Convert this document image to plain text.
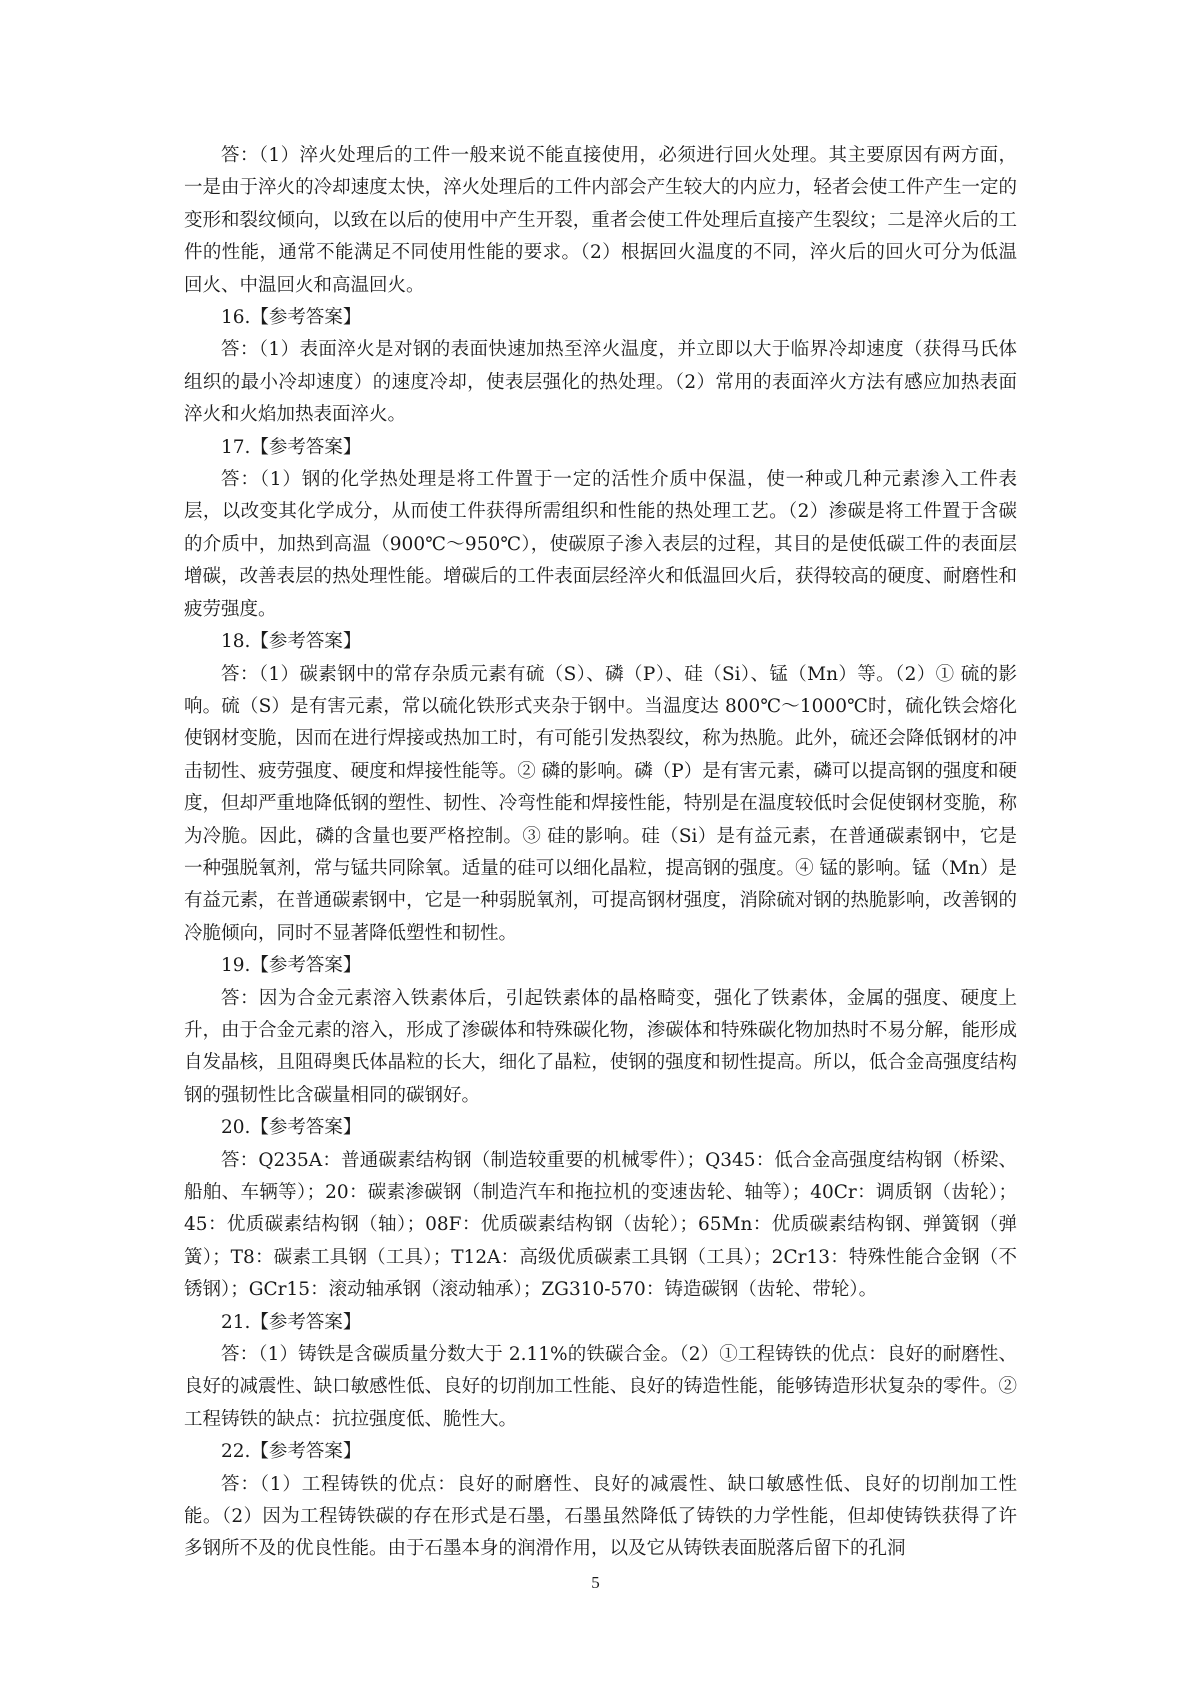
答：（1）淬火处理后的工件一般来说不能直接使用，必须进行回火处理。其主要原因有两方面，一是由于淬火的冷却速度太快，淬火处理后的工件内部会产生较大的内应力，轻者会使工件产生一定的变形和裂纹倾向，以致在以后的使用中产生开裂，重者会使工件处理后直接产生裂纹；二是淬火后的工件的性能，通常不能满足不同使用性能的要求。（2）根据回火温度的不同，淬火后的回火可分为低温回火、中温回火和高温回火。

16.【参考答案】

答：（1）表面淬火是对钢的表面快速加热至淬火温度，并立即以大于临界冷却速度（获得马氏体组织的最小冷却速度）的速度冷却，使表层强化的热处理。（2）常用的表面淬火方法有感应加热表面淬火和火焰加热表面淬火。

17.【参考答案】

答：（1）钢的化学热处理是将工件置于一定的活性介质中保温，使一种或几种元素渗入工件表层，以改变其化学成分，从而使工件获得所需组织和性能的热处理工艺。（2）渗碳是将工件置于含碳的介质中，加热到高温（900℃～950℃），使碳原子渗入表层的过程，其目的是使低碳工件的表面层增碳，改善表层的热处理性能。增碳后的工件表面层经淬火和低温回火后，获得较高的硬度、耐磨性和疲劳强度。

18.【参考答案】

答：（1）碳素钢中的常存杂质元素有硫（S）、磷（P）、硅（Si）、锰（Mn）等。（2）① 硫的影响。硫（S）是有害元素，常以硫化铁形式夹杂于钢中。当温度达 800℃～1000℃时，硫化铁会熔化使钢材变脆，因而在进行焊接或热加工时，有可能引发热裂纹，称为热脆。此外，硫还会降低钢材的冲击韧性、疲劳强度、硬度和焊接性能等。② 磷的影响。磷（P）是有害元素，磷可以提高钢的强度和硬度，但却严重地降低钢的塑性、韧性、冷弯性能和焊接性能，特别是在温度较低时会促使钢材变脆，称为冷脆。因此，磷的含量也要严格控制。③ 硅的影响。硅（Si）是有益元素，在普通碳素钢中，它是一种强脱氧剂，常与锰共同除氧。适量的硅可以细化晶粒，提高钢的强度。④ 锰的影响。锰（Mn）是有益元素，在普通碳素钢中，它是一种弱脱氧剂，可提高钢材强度，消除硫对钢的热脆影响，改善钢的冷脆倾向，同时不显著降低塑性和韧性。

19.【参考答案】

答：因为合金元素溶入铁素体后，引起铁素体的晶格畸变，强化了铁素体，金属的强度、硬度上升，由于合金元素的溶入，形成了渗碳体和特殊碳化物，渗碳体和特殊碳化物加热时不易分解，能形成自发晶核，且阻碍奥氏体晶粒的长大，细化了晶粒，使钢的强度和韧性提高。所以，低合金高强度结构钢的强韧性比含碳量相同的碳钢好。

20.【参考答案】

答：Q235A：普通碳素结构钢（制造较重要的机械零件）；Q345：低合金高强度结构钢（桥梁、船舶、车辆等）；20：碳素渗碳钢（制造汽车和拖拉机的变速齿轮、轴等）；40Cr：调质钢（齿轮）；45：优质碳素结构钢（轴）；08F：优质碳素结构钢（齿轮）；65Mn：优质碳素结构钢、弹簧钢（弹簧）；T8：碳素工具钢（工具）；T12A：高级优质碳素工具钢（工具）；2Cr13：特殊性能合金钢（不锈钢）；GCr15：滚动轴承钢（滚动轴承）；ZG310-570：铸造碳钢（齿轮、带轮）。

21.【参考答案】

答：（1）铸铁是含碳质量分数大于 2.11%的铁碳合金。（2）①工程铸铁的优点：良好的耐磨性、良好的减震性、缺口敏感性低、良好的切削加工性能、良好的铸造性能，能够铸造形状复杂的零件。②工程铸铁的缺点：抗拉强度低、脆性大。

22.【参考答案】

答：（1）工程铸铁的优点：良好的耐磨性、良好的减震性、缺口敏感性低、良好的切削加工性能。（2）因为工程铸铁碳的存在形式是石墨，石墨虽然降低了铸铁的力学性能，但却使铸铁获得了许多钢所不及的优良性能。由于石墨本身的润滑作用，以及它从铸铁表面脱落后留下的孔洞

5
